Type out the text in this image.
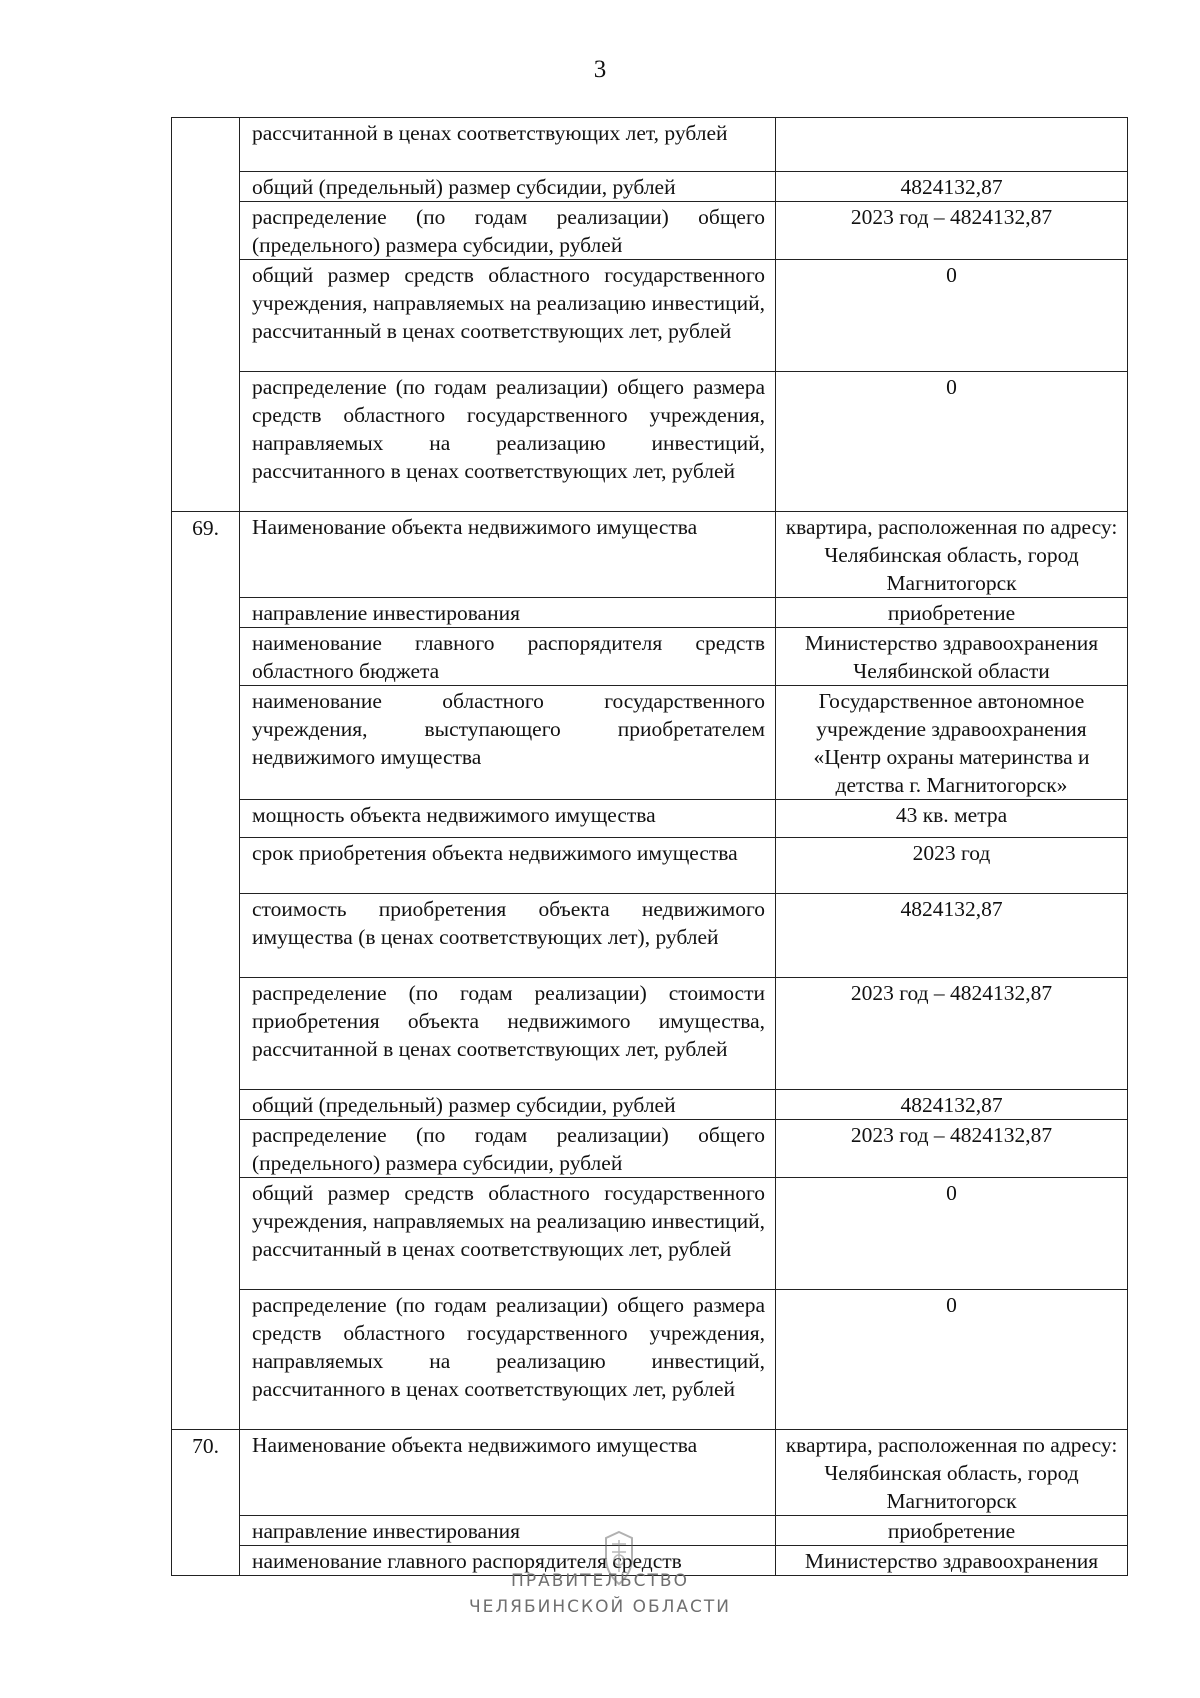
3
	рассчитанной в ценах соответствующих лет, рублей	
	общий (предельный) размер субсидии, рублей	4824132,87
	распределение (по годам реализации) общего (предельного) размера субсидии, рублей	2023 год – 4824132,87
	общий размер средств областного государственного учреждения, направляемых на реализацию инвестиций, рассчитанный в ценах соответствующих лет, рублей	0
	распределение (по годам реализации) общего размера средств областного государственного учреждения, направляемых на реализацию инвестиций, рассчитанного в ценах соответствующих лет, рублей	0
69.	Наименование объекта недвижимого имущества	квартира, расположенная по адресу: Челябинская область, город Магнитогорск
	направление инвестирования	приобретение
	наименование главного распорядителя средств областного бюджета	Министерство здравоохранения Челябинской области
	наименование областного государственного учреждения, выступающего приобретателем недвижимого имущества	Государственное автономное учреждение здравоохранения «Центр охраны материнства и детства г. Магнитогорск»
	мощность объекта недвижимого имущества	43 кв. метра
	срок приобретения объекта недвижимого имущества	2023 год
	стоимость приобретения объекта недвижимого имущества (в ценах соответствующих лет), рублей	4824132,87
	распределение (по годам реализации) стоимости приобретения объекта недвижимого имущества, рассчитанной в ценах соответствующих лет, рублей	2023 год – 4824132,87
	общий (предельный) размер субсидии, рублей	4824132,87
	распределение (по годам реализации) общего (предельного) размера субсидии, рублей	2023 год – 4824132,87
	общий размер средств областного государственного учреждения, направляемых на реализацию инвестиций, рассчитанный в ценах соответствующих лет, рублей	0
	распределение (по годам реализации) общего размера средств областного государственного учреждения, направляемых на реализацию инвестиций, рассчитанного в ценах соответствующих лет, рублей	0
70.	Наименование объекта недвижимого имущества	квартира, расположенная по адресу: Челябинская область, город Магнитогорск
	направление инвестирования	приобретение
	наименование главного распорядителя средств	Министерство здравоохранения
ПРАВИТЕЛЬСТВО
ЧЕЛЯБИНСКОЙ ОБЛАСТИ
